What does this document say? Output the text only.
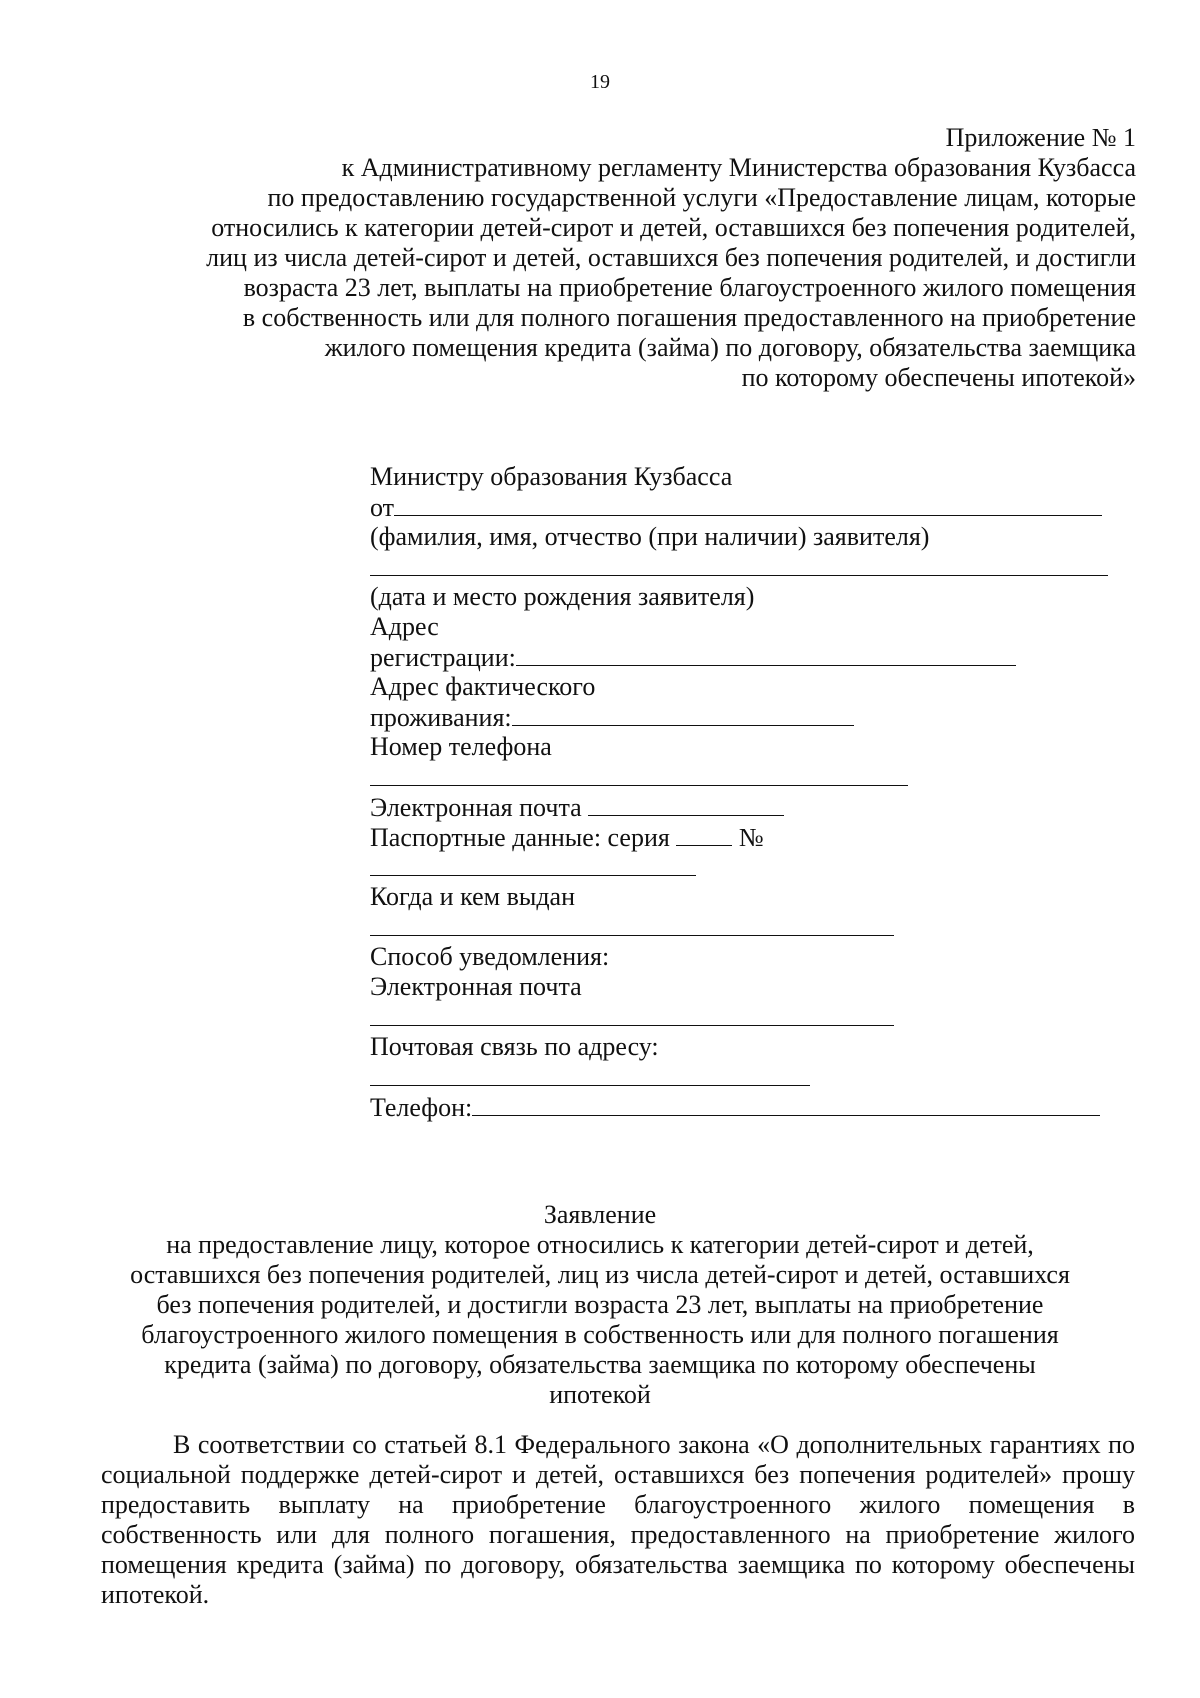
19
Приложение № 1
к Административному регламенту Министерства образования Кузбасса
по предоставлению государственной услуги «Предоставление лицам, которые
относились к категории детей-сирот и детей, оставшихся без попечения родителей,
лиц из числа детей-сирот и детей, оставшихся без попечения родителей, и достигли
возраста 23 лет, выплаты на приобретение благоустроенного жилого помещения
в собственность или для полного погашения предоставленного на приобретение
жилого помещения кредита (займа) по договору, обязательства заемщика
по которому обеспечены ипотекой»
Министру образования Кузбасса
от
(фамилия, имя, отчество (при наличии) заявителя)
(дата и место рождения заявителя)
Адрес
регистрации:
Адрес фактического
проживания:
Номер телефона
Электронная почта
Паспортные данные: серия	№
Когда и кем выдан
Способ уведомления:
Электронная почта
Почтовая связь по адресу:
Телефон:
Заявление
на предоставление лицу, которое относились к категории детей-сирот и детей,
оставшихся без попечения родителей, лиц из числа детей-сирот и детей, оставшихся
без попечения родителей, и достигли возраста 23 лет, выплаты на приобретение
благоустроенного жилого помещения в собственность или для полного погашения
кредита (займа) по договору, обязательства заемщика по которому обеспечены
ипотекой
В соответствии со статьей 8.1 Федерального закона «О дополнительных гарантиях по социальной поддержке детей-сирот и детей, оставшихся без попечения родителей» прошу предоставить выплату на приобретение благоустроенного жилого помещения в собственность или для полного погашения, предоставленного на приобретение жилого помещения кредита (займа) по договору, обязательства заемщика по которому обеспечены ипотекой.
